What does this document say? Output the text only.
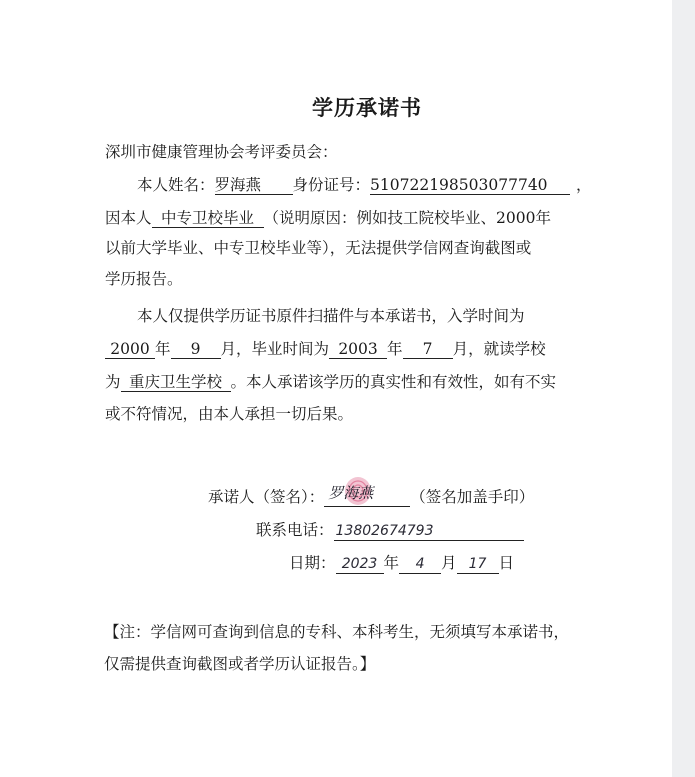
学历承诺书
深圳市健康管理协会考评委员会：
本人姓名：罗海燕 身份证号：510722198503077740 ，
因本人 中专卫校毕业 （说明原因：例如技工院校毕业、2000年
以前大学毕业、中专卫校毕业等），无法提供学信网查询截图或
学历报告。
本人仅提供学历证书原件扫描件与本承诺书，入学时间为
2000 年 9 月，毕业时间为 2003 年 7 月，就读学校
为 重庆卫生学校 。本人承诺该学历的真实性和有效性，如有不实
或不符情况，由本人承担一切后果。
承诺人（签名）： 罗海燕 （签名加盖手印）
联系电话： 13802674793
日期： 2023 年 4 月 17 日
【注：学信网可查询到信息的专科、本科考生，无须填写本承诺书，
仅需提供查询截图或者学历认证报告。】
